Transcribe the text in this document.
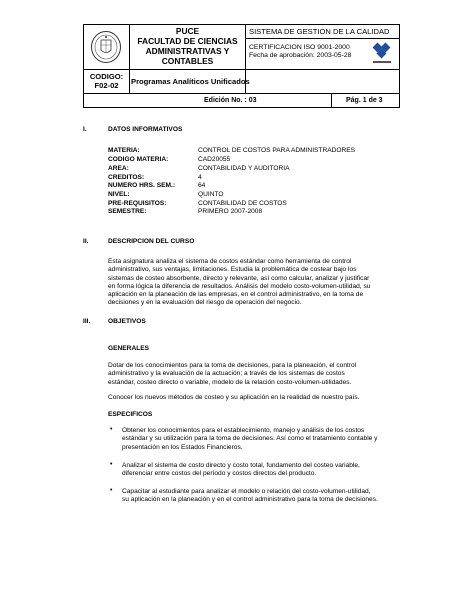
PUCE
FACULTAD DE CIENCIAS
ADMINISTRATIVAS Y
CONTABLES
SISTEMA DE GESTION DE LA CALIDAD
CERTIFICACION ISO 9001-2000
Fecha de aprobación: 2003-05-28
CODIGO:
F02-02	Programas Analíticos Unificados
Edición No. : 03	Pág. 1 de 3
I.	DATOS INFORMATIVOS
MATERIA:	CONTROL DE COSTOS PARA ADMINISTRADORES
CODIGO MATERIA:	CAD20055
AREA:	CONTABILIDAD Y AUDITORIA
CREDITOS:	4
NUMERO HRS. SEM.:	64
NIVEL:	QUINTO
PRE-REQUISITOS:	CONTABILIDAD DE COSTOS
SEMESTRE:	PRIMERO 2007-2008
II.	DESCRIPCION DEL CURSO
Esta asignatura analiza el sistema de costos estándar como herramienta de control
administrativo, sus ventajas, limitaciones. Estudia la problemática de costear bajo los
sistemas de costeo absorbente, directo y relevante, así como calcular, analizar y justificar
en forma lógica la diferencia de resultados. Análisis del modelo costo-volumen-utilidad, su
aplicación en la planeación de las empresas, en el control administrativo, en la toma de
decisiones y en la evaluación del riesgo de operación del negocio.
III.	OBJETIVOS
GENERALES
Dotar de los conocimientos para la toma de decisiones, para la planeación, el control
administrativo y la evaluación de la actuación; a través de los sistemas de costos
estándar, costeo directo o variable, modelo de la relación costo-volumen-utilidades.
Conocer los nuevos métodos de costeo y su aplicación en la realidad de nuestro país.
ESPECIFICOS
• Obtener los conocimientos para el establecimiento, manejo y análisis de los costos
estándar y su utilización para la toma de decisiones. Así como el tratamiento contable y
presentación en los Estados Financieros.
• Analizar el sistema de costo directo y costo total, fundamento del costeo variable,
diferenciar entre costos del período y costos directos del producto.
• Capacitar al estudiante para analizar el modelo o relación del costo-volumen-utilidad,
su aplicación en la planeación y en el control administrativo para la toma de decisiones.
